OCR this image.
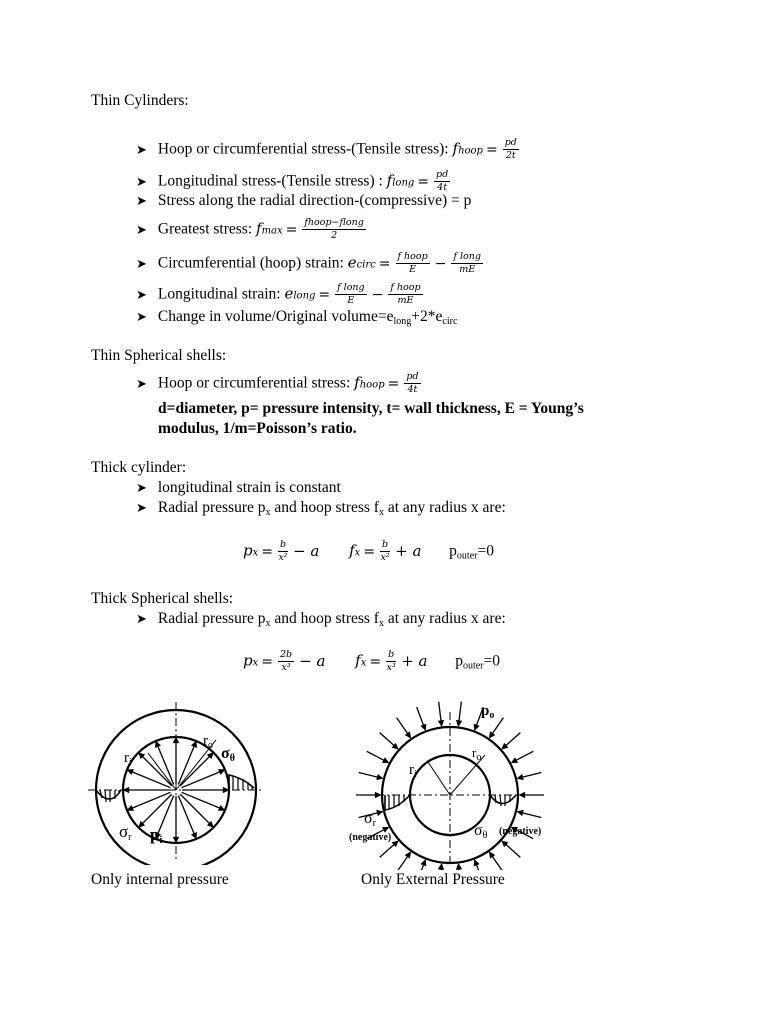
Thin Cylinders:
➤ Hoop or circumferential stress-(Tensile stress): fhoop = $\frac{pd}{2t}$
➤ Longitudinal stress-(Tensile stress) : flong = $\frac{pd}{4t}$
➤ Stress along the radial direction-(compressive) = p
➤ Greatest stress: $fmax = \frac{\text{fhoop−flong}}{2}$
➤ Circumferential (hoop) strain: ecirc = $\frac{\text{f hoop}}{E} - \frac{\text{f long}}{mE}$
➤ Longitudinal strain: elong = $\frac{\text{f long}}{E} - \frac{\text{f hoop}}{mE}$
➤ Change in volume/Original $volume=e_{long}+2*e_{circ}$
Thin Spherical shells:
➤ Hoop or circumferential stress: fhoop = $\frac{pd}{4t}$
d=diameter, p= pressure intensity, t= wall thickness, E = Young’s
modulus, 1/m=Poisson’s ratio.
Thick cylinder:
➤ longitudinal strain is constant
➤ Radial pressure $p_x$ and hoop stress $f_x$ at any radius x are:
px = $\frac{b}{\text{x²}} - a$ fx = $\frac{b}{\text{x²}} + a$ $p_{outer}=0$
Thick Spherical shells:
➤ Radial pressure $p_x$ and hoop stress $f_x$ at any radius x are:
px = $\frac{2b}{\text{x³}} - a$ fx = $\frac{b}{\text{x³}} + a$ $p_{outer}=0$
$r_i$
$r_o$ $\sigma_\theta$
$\sigma_r$ $p_i$
Only internal pressure
$p_o$
$r_i$
$r_o$
$\sigma_r$
(negative)	$\sigma_\theta$ (negative)
Only External Pressure
